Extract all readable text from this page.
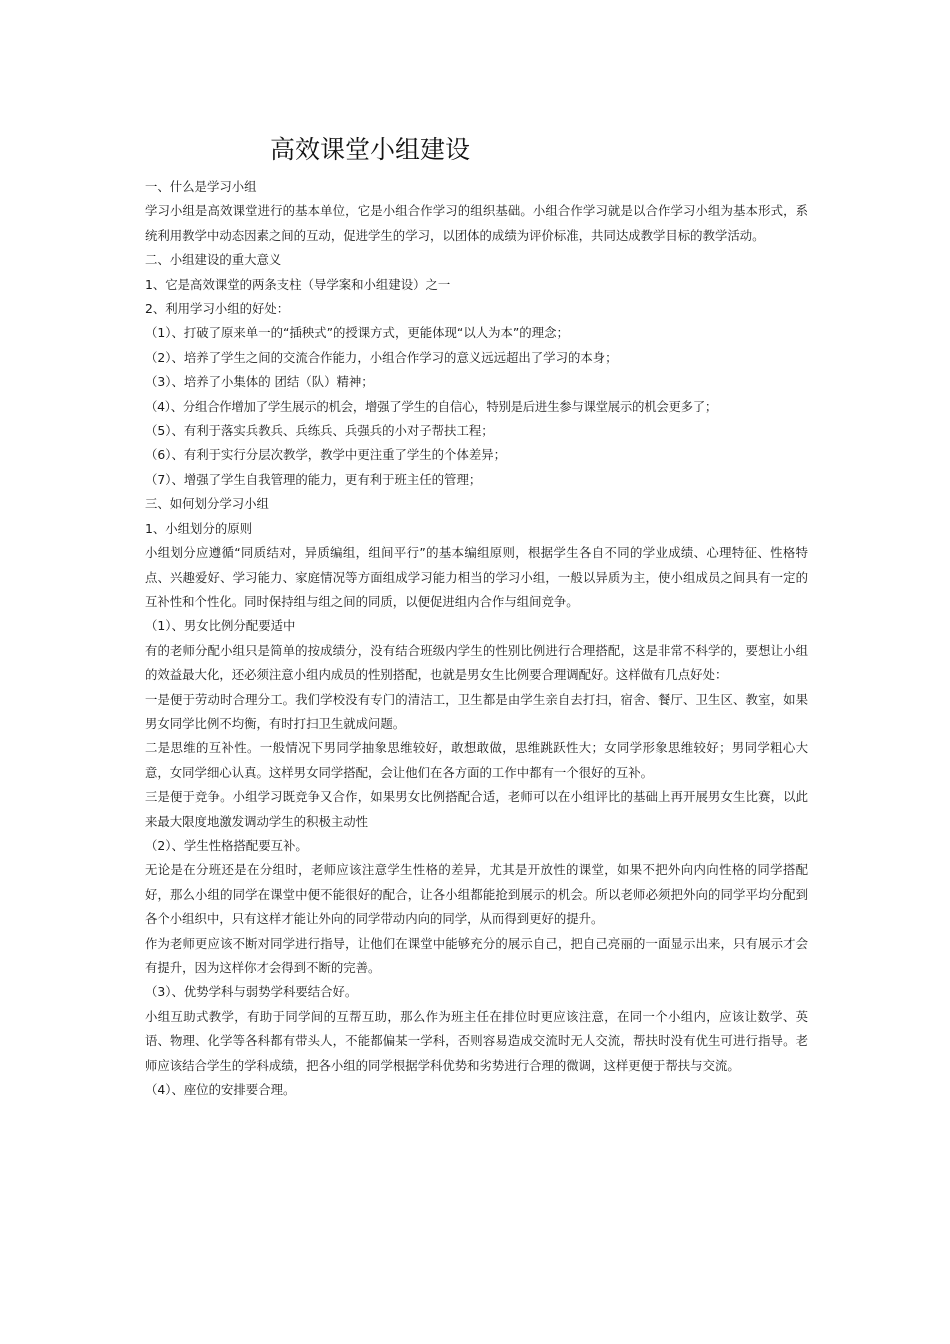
高效课堂小组建设
一、什么是学习小组
学习小组是高效课堂进行的基本单位，它是小组合作学习的组织基础。小组合作学习就是以合作学习小组为基本形式，系统利用教学中动态因素之间的互动，促进学生的学习，以团体的成绩为评价标准，共同达成教学目标的教学活动。
二、小组建设的重大意义
1、它是高效课堂的两条支柱（导学案和小组建设）之一
2、利用学习小组的好处：
（1）、打破了原来单一的“插秧式”的授课方式，更能体现“以人为本”的理念；
（2）、培养了学生之间的交流合作能力，小组合作学习的意义远远超出了学习的本身；
（3）、培养了小集体的 团结（队）精神；
（4）、分组合作增加了学生展示的机会，增强了学生的自信心，特别是后进生参与课堂展示的机会更多了；
（5）、有利于落实兵教兵、兵练兵、兵强兵的小对子帮扶工程；
（6）、有利于实行分层次教学，教学中更注重了学生的个体差异；
（7）、增强了学生自我管理的能力，更有利于班主任的管理；
三、如何划分学习小组
1、小组划分的原则
小组划分应遵循“同质结对，异质编组，组间平行”的基本编组原则，根据学生各自不同的学业成绩、心理特征、性格特点、兴趣爱好、学习能力、家庭情况等方面组成学习能力相当的学习小组，一般以异质为主，使小组成员之间具有一定的互补性和个性化。同时保持组与组之间的同质，以便促进组内合作与组间竞争。
（1）、男女比例分配要适中
有的老师分配小组只是简单的按成绩分，没有结合班级内学生的性别比例进行合理搭配，这是非常不科学的，要想让小组的效益最大化，还必须注意小组内成员的性别搭配，也就是男女生比例要合理调配好。这样做有几点好处：
一是便于劳动时合理分工。我们学校没有专门的清洁工，卫生都是由学生亲自去打扫，宿舍、餐厅、卫生区、教室，如果男女同学比例不均衡，有时打扫卫生就成问题。
二是思维的互补性。一般情况下男同学抽象思维较好，敢想敢做，思维跳跃性大；女同学形象思维较好；男同学粗心大意，女同学细心认真。这样男女同学搭配，会让他们在各方面的工作中都有一个很好的互补。
三是便于竞争。小组学习既竞争又合作，如果男女比例搭配合适，老师可以在小组评比的基础上再开展男女生比赛，以此来最大限度地激发调动学生的积极主动性
（2）、学生性格搭配要互补。
无论是在分班还是在分组时，老师应该注意学生性格的差异，尤其是开放性的课堂，如果不把外向内向性格的同学搭配好，那么小组的同学在课堂中便不能很好的配合，让各小组都能抢到展示的机会。所以老师必须把外向的同学平均分配到各个小组织中，只有这样才能让外向的同学带动内向的同学，从而得到更好的提升。
作为老师更应该不断对同学进行指导，让他们在课堂中能够充分的展示自己，把自己亮丽的一面显示出来，只有展示才会有提升，因为这样你才会得到不断的完善。
（3）、优势学科与弱势学科要结合好。
小组互助式教学，有助于同学间的互帮互助，那么作为班主任在排位时更应该注意，在同一个小组内，应该让数学、英语、物理、化学等各科都有带头人，不能都偏某一学科，否则容易造成交流时无人交流，帮扶时没有优生可进行指导。老师应该结合学生的学科成绩，把各小组的同学根据学科优势和劣势进行合理的微调，这样更便于帮扶与交流。
（4）、座位的安排要合理。
